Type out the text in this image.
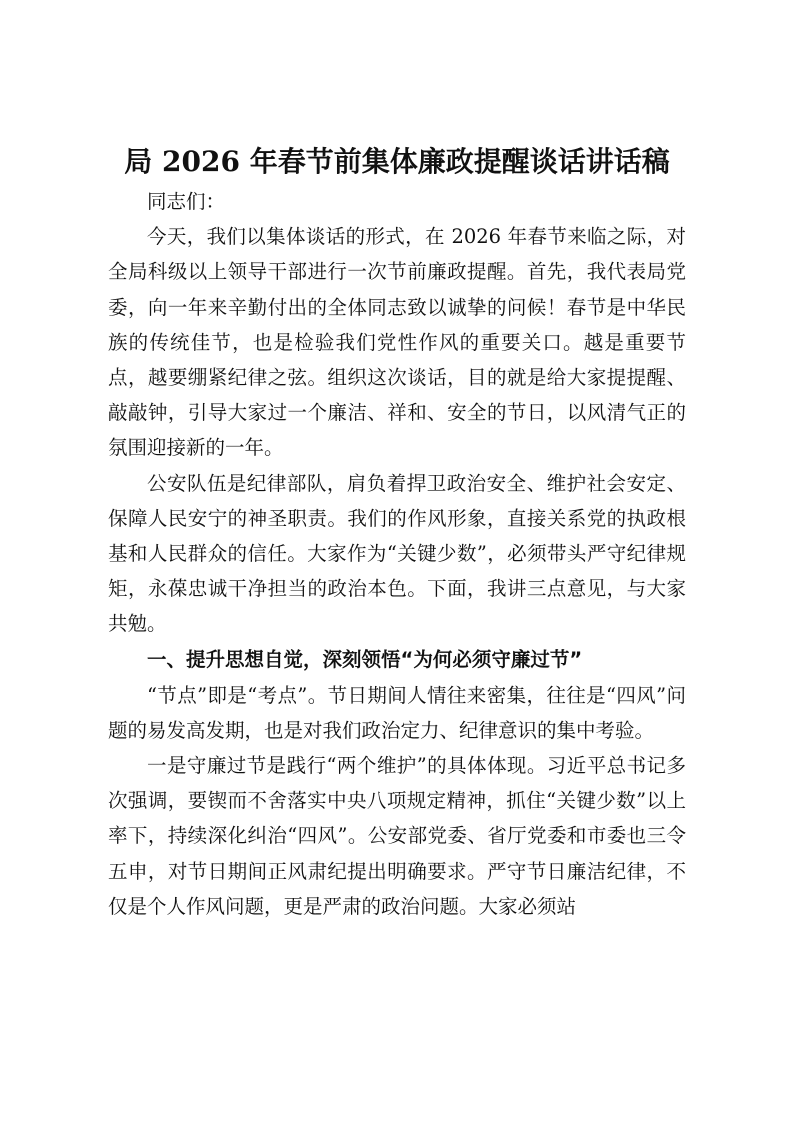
局 2026 年春节前集体廉政提醒谈话讲话稿

同志们：

今天，我们以集体谈话的形式，在 2026 年春节来临之际，对全局科级以上领导干部进行一次节前廉政提醒。首先，我代表局党委，向一年来辛勤付出的全体同志致以诚挚的问候！春节是中华民族的传统佳节，也是检验我们党性作风的重要关口。越是重要节点，越要绷紧纪律之弦。组织这次谈话，目的就是给大家提提醒、敲敲钟，引导大家过一个廉洁、祥和、安全的节日，以风清气正的氛围迎接新的一年。

公安队伍是纪律部队，肩负着捍卫政治安全、维护社会安定、保障人民安宁的神圣职责。我们的作风形象，直接关系党的执政根基和人民群众的信任。大家作为“关键少数”，必须带头严守纪律规矩，永葆忠诚干净担当的政治本色。下面，我讲三点意见，与大家共勉。

一、提升思想自觉，深刻领悟“为何必须守廉过节”

“节点”即是“考点”。节日期间人情往来密集，往往是“四风”问题的易发高发期，也是对我们政治定力、纪律意识的集中考验。

一是守廉过节是践行“两个维护”的具体体现。习近平总书记多次强调，要锲而不舍落实中央八项规定精神，抓住“关键少数”以上率下，持续深化纠治“四风”。公安部党委、省厅党委和市委也三令五申，对节日期间正风肃纪提出明确要求。严守节日廉洁纪律，不仅是个人作风问题，更是严肃的政治问题。大家必须站
